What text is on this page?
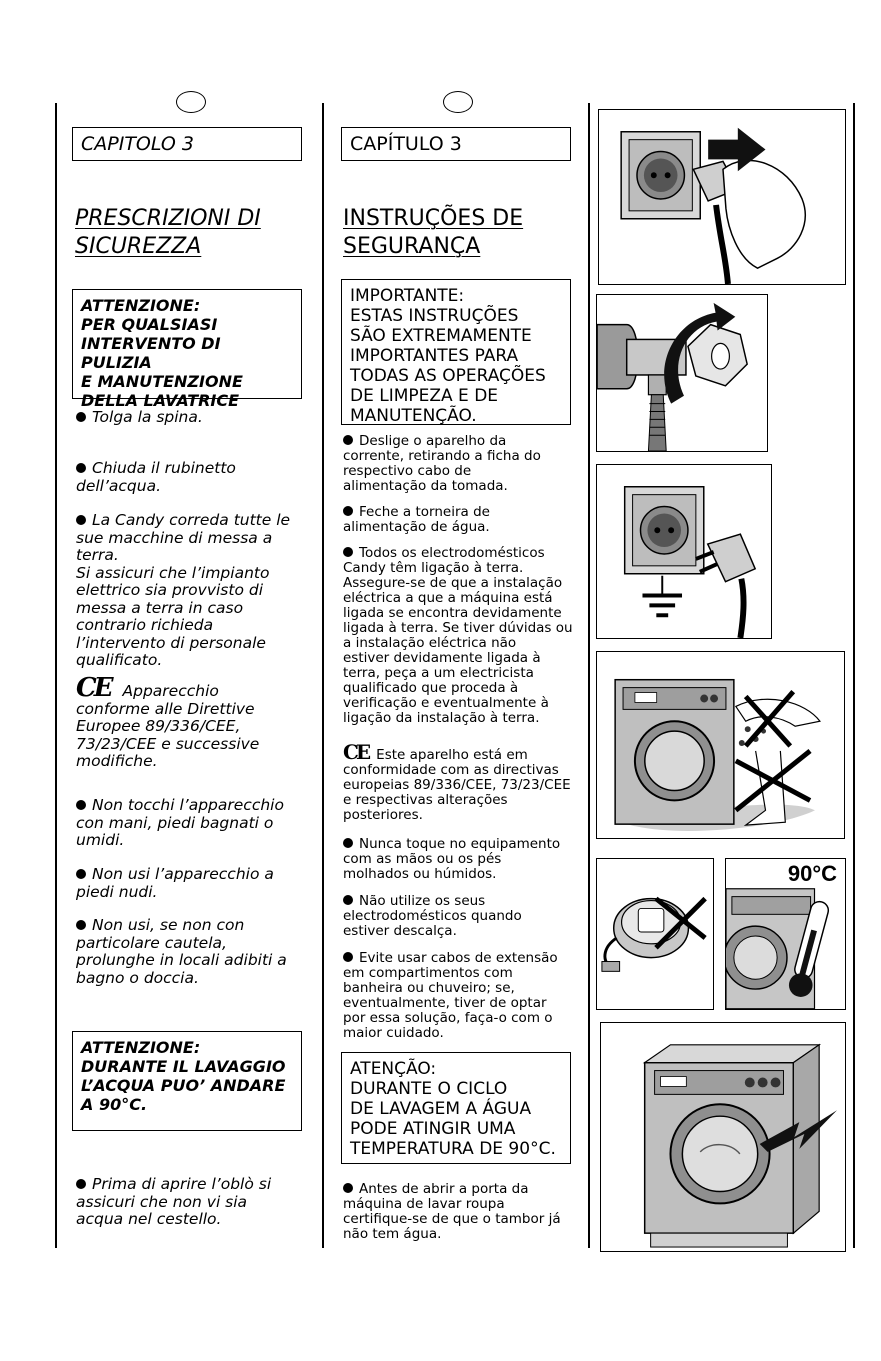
CAPITOLO 3
PRESCRIZIONI DI
SICUREZZA
ATTENZIONE:
PER QUALSIASI
INTERVENTO DI PULIZIA
E MANUTENZIONE
DELLA LAVATRICE
Tolga la spina.
Chiuda il rubinetto
dell’acqua.
La Candy correda tutte le
sue macchine di messa a
terra.
Si assicuri che l’impianto
elettrico sia provvisto di
messa a terra in caso
contrario richieda
l’intervento di personale
qualificato.
CE Apparecchio
conforme alle Direttive
Europee 89/336/CEE,
73/23/CEE e successive
modifiche.
Non tocchi l’apparecchio
con mani, piedi bagnati o
umidi.
Non usi l’apparecchio a
piedi nudi.
Non usi, se non con
particolare cautela,
prolunghe in locali adibiti a
bagno o doccia.
ATTENZIONE:
DURANTE IL LAVAGGIO
L’ACQUA PUO’ ANDARE
A 90°C.
Prima di aprire l’oblò si
assicuri che non vi sia
acqua nel cestello.
CAPÍTULO 3
INSTRUÇÕES DE
SEGURANÇA
IMPORTANTE:
ESTAS INSTRUÇÕES
SÃO EXTREMAMENTE
IMPORTANTES PARA
TODAS AS OPERAÇÕES
DE LIMPEZA E DE
MANUTENÇÃO.
Deslige o aparelho da
corrente, retirando a ficha do
respectivo cabo de
alimentação da tomada.
Feche a torneira de
alimentação de água.
Todos os electrodomésticos
Candy têm ligação à terra.
Assegure-se de que a instalação
eléctrica a que a máquina está
ligada se encontra devidamente
ligada à terra. Se tiver dúvidas ou
a instalação eléctrica não
estiver devidamente ligada à
terra, peça a um electricista
qualificado que proceda à
verificação e eventualmente à
ligação da instalação à terra.
CE Este aparelho está em
conformidade com as directivas
europeias 89/336/CEE, 73/23/CEE
e respectivas alterações
posteriores.
Nunca toque no equipamento
com as mãos ou os pés
molhados ou húmidos.
Não utilize os seus
electrodomésticos quando
estiver descalça.
Evite usar cabos de extensão
em compartimentos com
banheira ou chuveiro; se,
eventualmente, tiver de optar
por essa solução, faça-o com o
maior cuidado.
ATENÇÃO:
DURANTE O CICLO
DE LAVAGEM A ÁGUA
PODE ATINGIR UMA
TEMPERATURA DE 90°C.
Antes de abrir a porta da
máquina de lavar roupa
certifique-se de que o tambor já
não tem água.
90°C
